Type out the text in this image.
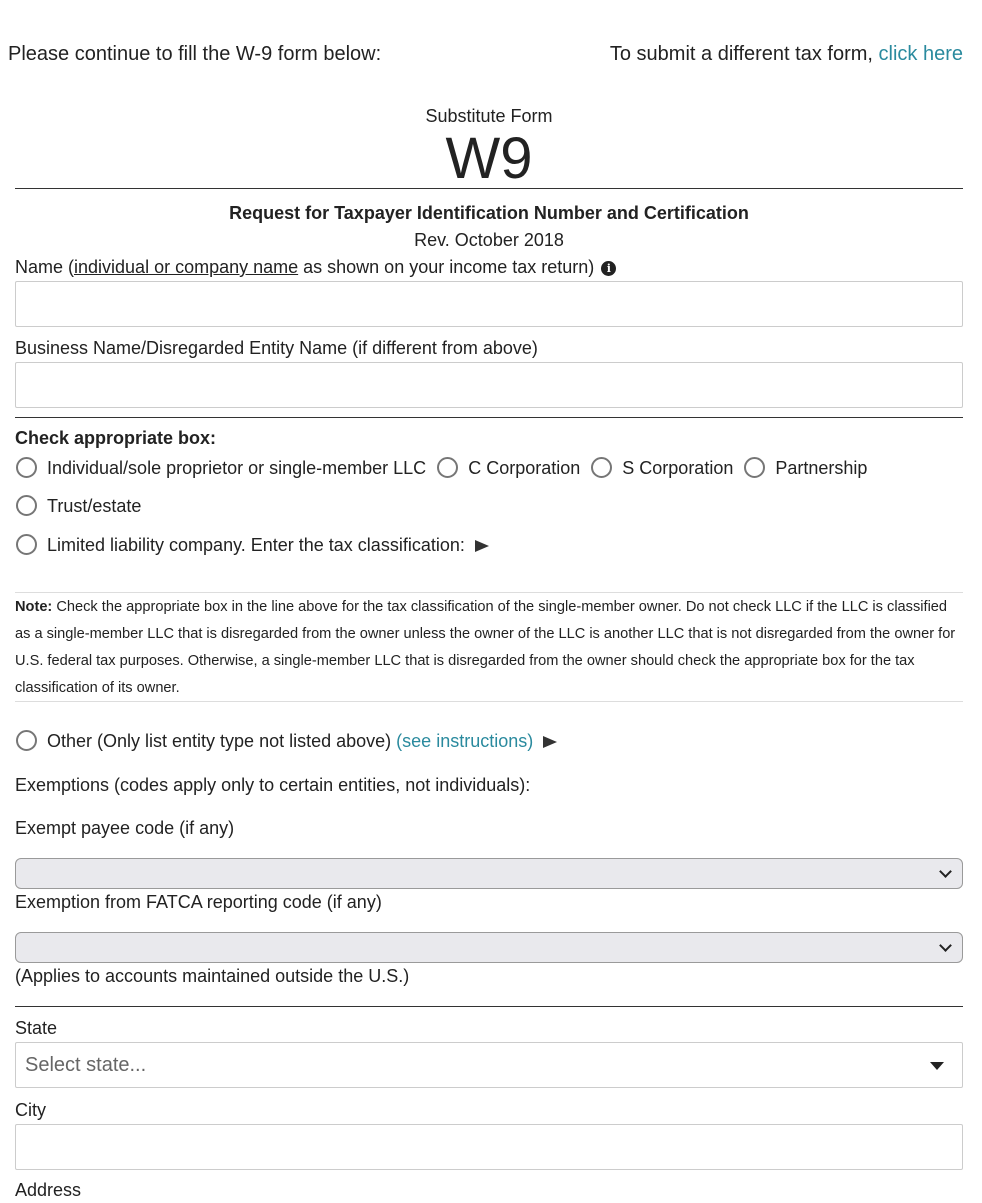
Please continue to fill the W-9 form below:	To submit a different tax form, click here
Substitute Form
W9
Request for Taxpayer Identification Number and Certification
Rev. October 2018
Name (individual or company name as shown on your income tax return) i
Business Name/Disregarded Entity Name (if different from above)
Check appropriate box:
Individual/sole proprietor or single-member LLC C Corporation S Corporation Partnership
Trust/estate
Limited liability company. Enter the tax classification:
Note: Check the appropriate box in the line above for the tax classification of the single-member owner. Do not check LLC if the LLC is classified as a single-member LLC that is disregarded from the owner unless the owner of the LLC is another LLC that is not disregarded from the owner for U.S. federal tax purposes. Otherwise, a single-member LLC that is disregarded from the owner should check the appropriate box for the tax classification of its owner.
Other (Only list entity type not listed above) (see instructions)
Exemptions (codes apply only to certain entities, not individuals):
Exempt payee code (if any)
Exemption from FATCA reporting code (if any)
(Applies to accounts maintained outside the U.S.)
State
Select state...
City
Address
